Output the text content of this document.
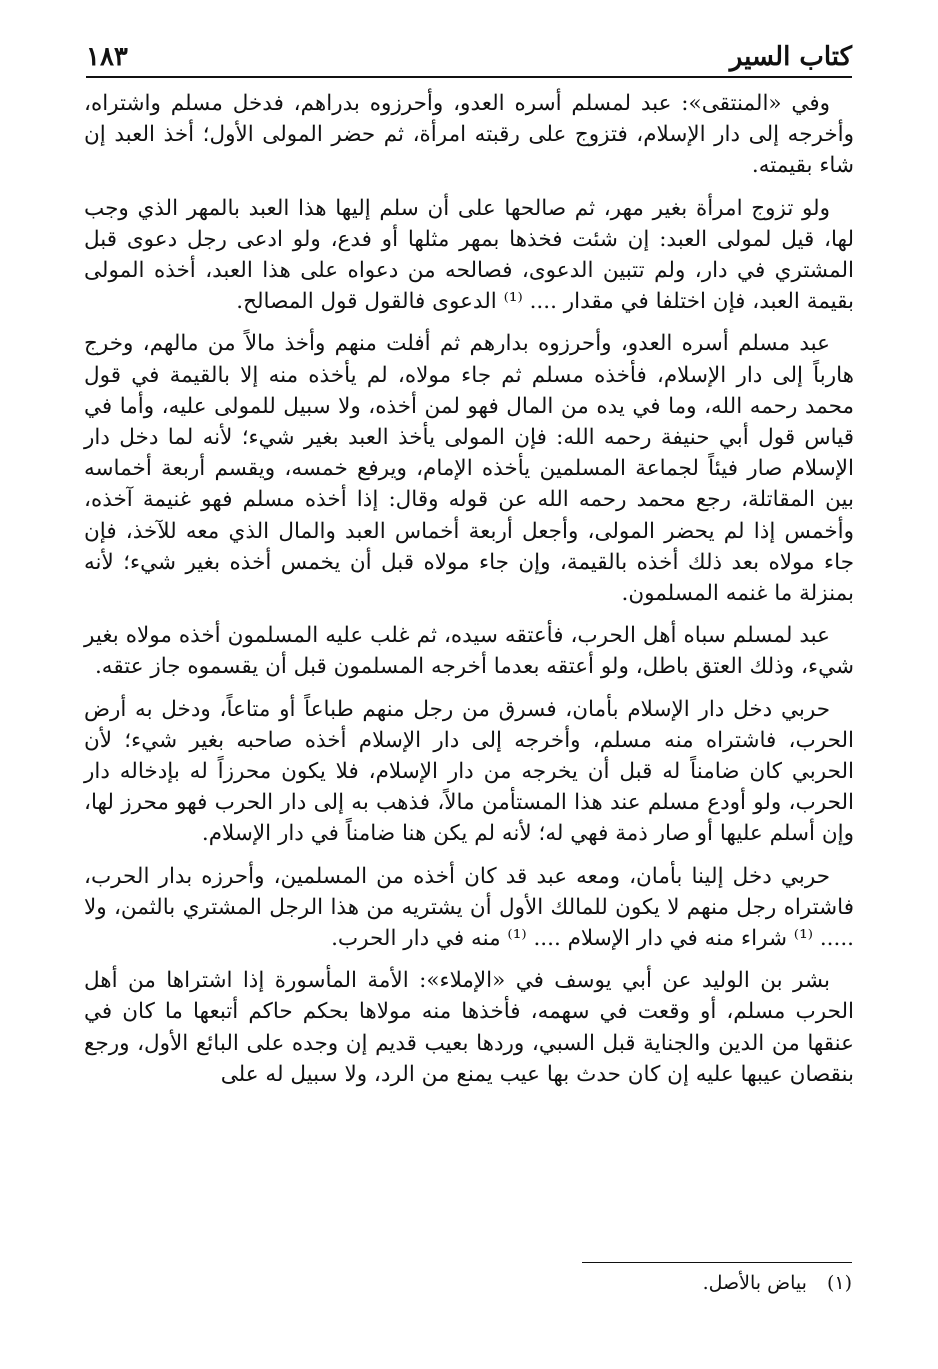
كتاب السير
١٨٣

وفي «المنتقى»: عبد لمسلم أسره العدو، وأحرزوه بدراهم، فدخل مسلم واشتراه، وأخرجه إلى دار الإسلام، فتزوج على رقبته امرأة، ثم حضر المولى الأول؛ أخذ العبد إن شاء بقيمته.

ولو تزوج امرأة بغير مهر، ثم صالحها على أن سلم إليها هذا العبد بالمهر الذي وجب لها، قيل لمولى العبد: إن شئت فخذها بمهر مثلها أو فدع، ولو ادعى رجل دعوى قبل المشتري في دار، ولم تتبين الدعوى، فصالحه من دعواه على هذا العبد، أخذه المولى بقيمة العبد، فإن اختلفا في مقدار .... ⁽¹⁾ الدعوى فالقول قول المصالح.

عبد مسلم أسره العدو، وأحرزوه بدارهم ثم أفلت منهم وأخذ مالاً من مالهم، وخرج هارباً إلى دار الإسلام، فأخذه مسلم ثم جاء مولاه، لم يأخذه منه إلا بالقيمة في قول محمد رحمه الله، وما في يده من المال فهو لمن أخذه، ولا سبيل للمولى عليه، وأما في قياس قول أبي حنيفة رحمه الله: فإن المولى يأخذ العبد بغير شيء؛ لأنه لما دخل دار الإسلام صار فيئاً لجماعة المسلمين يأخذه الإمام، ويرفع خمسه، ويقسم أربعة أخماسه بين المقاتلة، رجع محمد رحمه الله عن قوله وقال: إذا أخذه مسلم فهو غنيمة آخذه، وأخمس إذا لم يحضر المولى، وأجعل أربعة أخماس العبد والمال الذي معه للآخذ، فإن جاء مولاه بعد ذلك أخذه بالقيمة، وإن جاء مولاه قبل أن يخمس أخذه بغير شيء؛ لأنه بمنزلة ما غنمه المسلمون.

عبد لمسلم سباه أهل الحرب، فأعتقه سيده، ثم غلب عليه المسلمون أخذه مولاه بغير شيء، وذلك العتق باطل، ولو أعتقه بعدما أخرجه المسلمون قبل أن يقسموه جاز عتقه.

حربي دخل دار الإسلام بأمان، فسرق من رجل منهم طباعاً أو متاعاً، ودخل به أرض الحرب، فاشتراه منه مسلم، وأخرجه إلى دار الإسلام أخذه صاحبه بغير شيء؛ لأن الحربي كان ضامناً له قبل أن يخرجه من دار الإسلام، فلا يكون محرزاً له بإدخاله دار الحرب، ولو أودع مسلم عند هذا المستأمن مالاً، فذهب به إلى دار الحرب فهو محرز لها، وإن أسلم عليها أو صار ذمة فهي له؛ لأنه لم يكن هنا ضامناً في دار الإسلام.

حربي دخل إلينا بأمان، ومعه عبد قد كان أخذه من المسلمين، وأحرزه بدار الحرب، فاشتراه رجل منهم لا يكون للمالك الأول أن يشتريه من هذا الرجل المشتري بالثمن، ولا ..... ⁽¹⁾ شراء منه في دار الإسلام .... ⁽¹⁾ منه في دار الحرب.

بشر بن الوليد عن أبي يوسف في «الإملاء»: الأمة المأسورة إذا اشتراها من أهل الحرب مسلم، أو وقعت في سهمه، فأخذها منه مولاها بحكم حاكم أتبعها ما كان في عنقها من الدين والجناية قبل السبي، وردها بعيب قديم إن وجده على البائع الأول، ورجع بنقصان عيبها عليه إن كان حدث بها عيب يمنع من الرد، ولا سبيل له على

(١) بياض بالأصل.
